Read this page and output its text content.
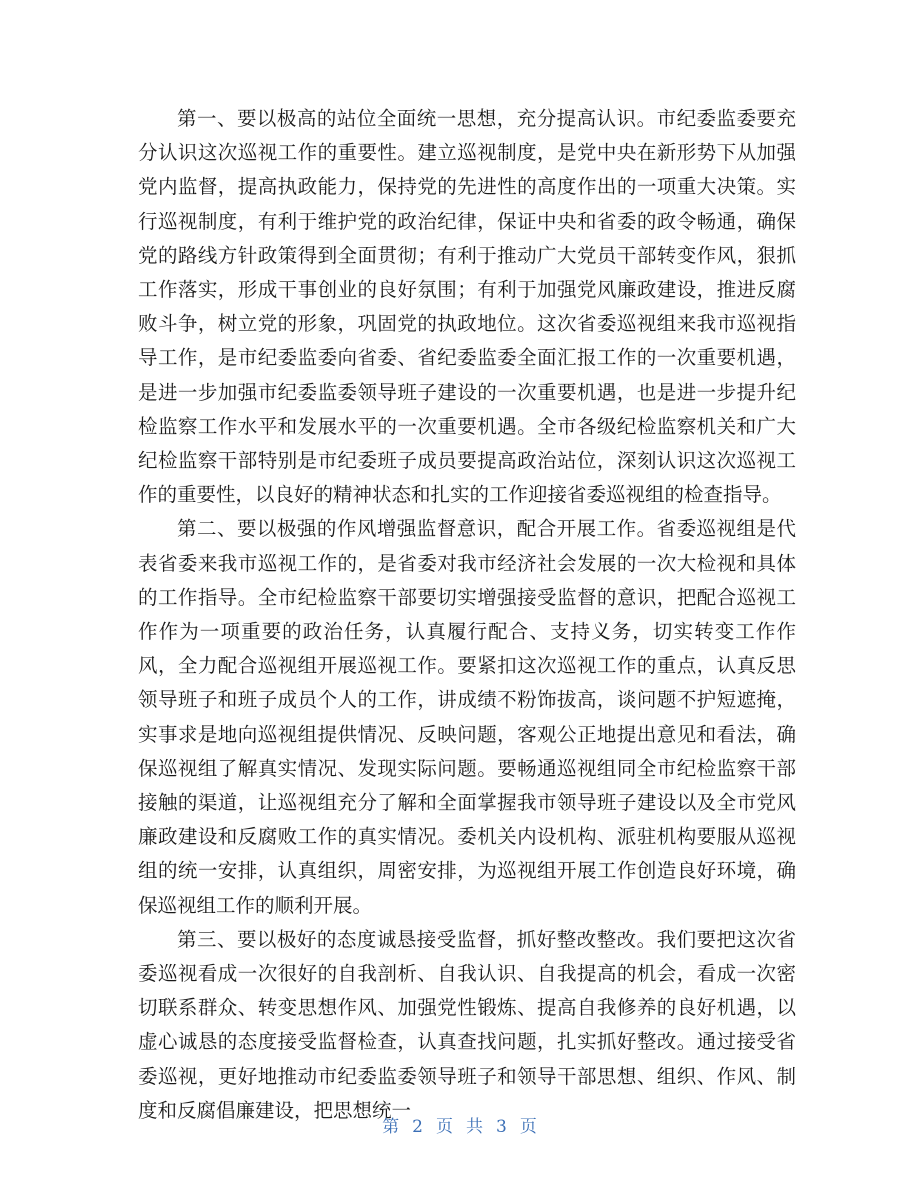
第一、要以极高的站位全面统一思想，充分提高认识。市纪委监委要充分认识这次巡视工作的重要性。建立巡视制度，是党中央在新形势下从加强党内监督，提高执政能力，保持党的先进性的高度作出的一项重大决策。实行巡视制度，有利于维护党的政治纪律，保证中央和省委的政令畅通，确保党的路线方针政策得到全面贯彻；有利于推动广大党员干部转变作风，狠抓工作落实，形成干事创业的良好氛围；有利于加强党风廉政建设，推进反腐败斗争，树立党的形象，巩固党的执政地位。这次省委巡视组来我市巡视指导工作，是市纪委监委向省委、省纪委监委全面汇报工作的一次重要机遇，是进一步加强市纪委监委领导班子建设的一次重要机遇，也是进一步提升纪检监察工作水平和发展水平的一次重要机遇。全市各级纪检监察机关和广大纪检监察干部特别是市纪委班子成员要提高政治站位，深刻认识这次巡视工作的重要性，以良好的精神状态和扎实的工作迎接省委巡视组的检查指导。

第二、要以极强的作风增强监督意识，配合开展工作。省委巡视组是代表省委来我市巡视工作的，是省委对我市经济社会发展的一次大检视和具体的工作指导。全市纪检监察干部要切实增强接受监督的意识，把配合巡视工作作为一项重要的政治任务，认真履行配合、支持义务，切实转变工作作风，全力配合巡视组开展巡视工作。要紧扣这次巡视工作的重点，认真反思领导班子和班子成员个人的工作，讲成绩不粉饰拔高，谈问题不护短遮掩，实事求是地向巡视组提供情况、反映问题，客观公正地提出意见和看法，确保巡视组了解真实情况、发现实际问题。要畅通巡视组同全市纪检监察干部接触的渠道，让巡视组充分了解和全面掌握我市领导班子建设以及全市党风廉政建设和反腐败工作的真实情况。委机关内设机构、派驻机构要服从巡视组的统一安排，认真组织，周密安排，为巡视组开展工作创造良好环境，确保巡视组工作的顺利开展。

第三、要以极好的态度诚恳接受监督，抓好整改整改。我们要把这次省委巡视看成一次很好的自我剖析、自我认识、自我提高的机会，看成一次密切联系群众、转变思想作风、加强党性锻炼、提高自我修养的良好机遇，以虚心诚恳的态度接受监督检查，认真查找问题，扎实抓好整改。通过接受省委巡视，更好地推动市纪委监委领导班子和领导干部思想、组织、作风、制度和反腐倡廉建设，把思想统一

第 2 页 共 3 页
